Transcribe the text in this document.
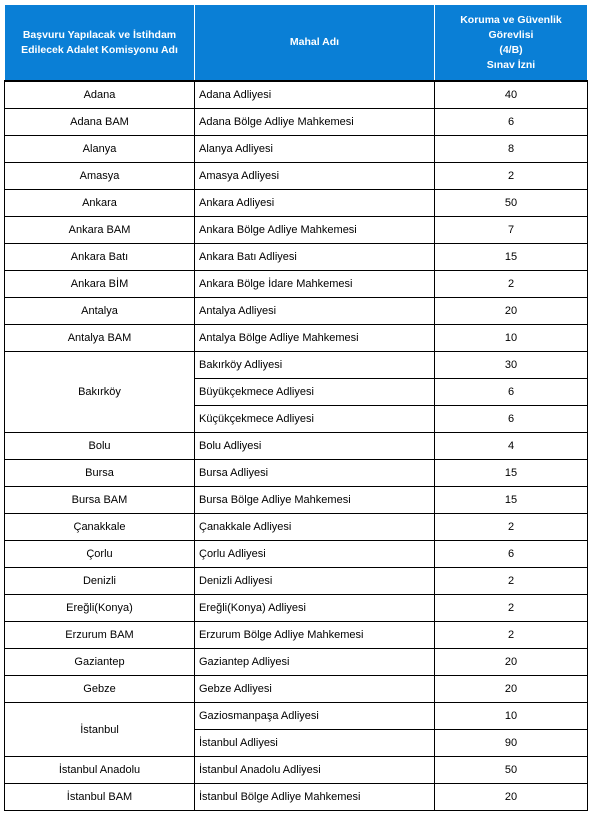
Başvuru Yapılacak ve İstihdam Edilecek Adalet Komisyonu Adı	Mahal Adı	Koruma ve Güvenlik Görevlisi
(4/B)
Sınav İzni

Adana	Adana Adliyesi	40
Adana BAM	Adana Bölge Adliye Mahkemesi	6
Alanya	Alanya Adliyesi	8
Amasya	Amasya Adliyesi	2
Ankara	Ankara Adliyesi	50
Ankara BAM	Ankara Bölge Adliye Mahkemesi	7
Ankara Batı	Ankara Batı Adliyesi	15
Ankara BİM	Ankara Bölge İdare Mahkemesi	2
Antalya	Antalya Adliyesi	20
Antalya BAM	Antalya Bölge Adliye Mahkemesi	10
Bakırköy	Bakırköy Adliyesi	30
	Büyükçekmece Adliyesi	6
	Küçükçekmece Adliyesi	6
Bolu	Bolu Adliyesi	4
Bursa	Bursa Adliyesi	15
Bursa BAM	Bursa Bölge Adliye Mahkemesi	15
Çanakkale	Çanakkale Adliyesi	2
Çorlu	Çorlu Adliyesi	6
Denizli	Denizli Adliyesi	2
Ereğli(Konya)	Ereğli(Konya) Adliyesi	2
Erzurum BAM	Erzurum Bölge Adliye Mahkemesi	2
Gaziantep	Gaziantep Adliyesi	20
Gebze	Gebze Adliyesi	20
İstanbul	Gaziosmanpaşa Adliyesi	10
	İstanbul Adliyesi	90
İstanbul Anadolu	İstanbul Anadolu Adliyesi	50
İstanbul BAM	İstanbul Bölge Adliye Mahkemesi	20
